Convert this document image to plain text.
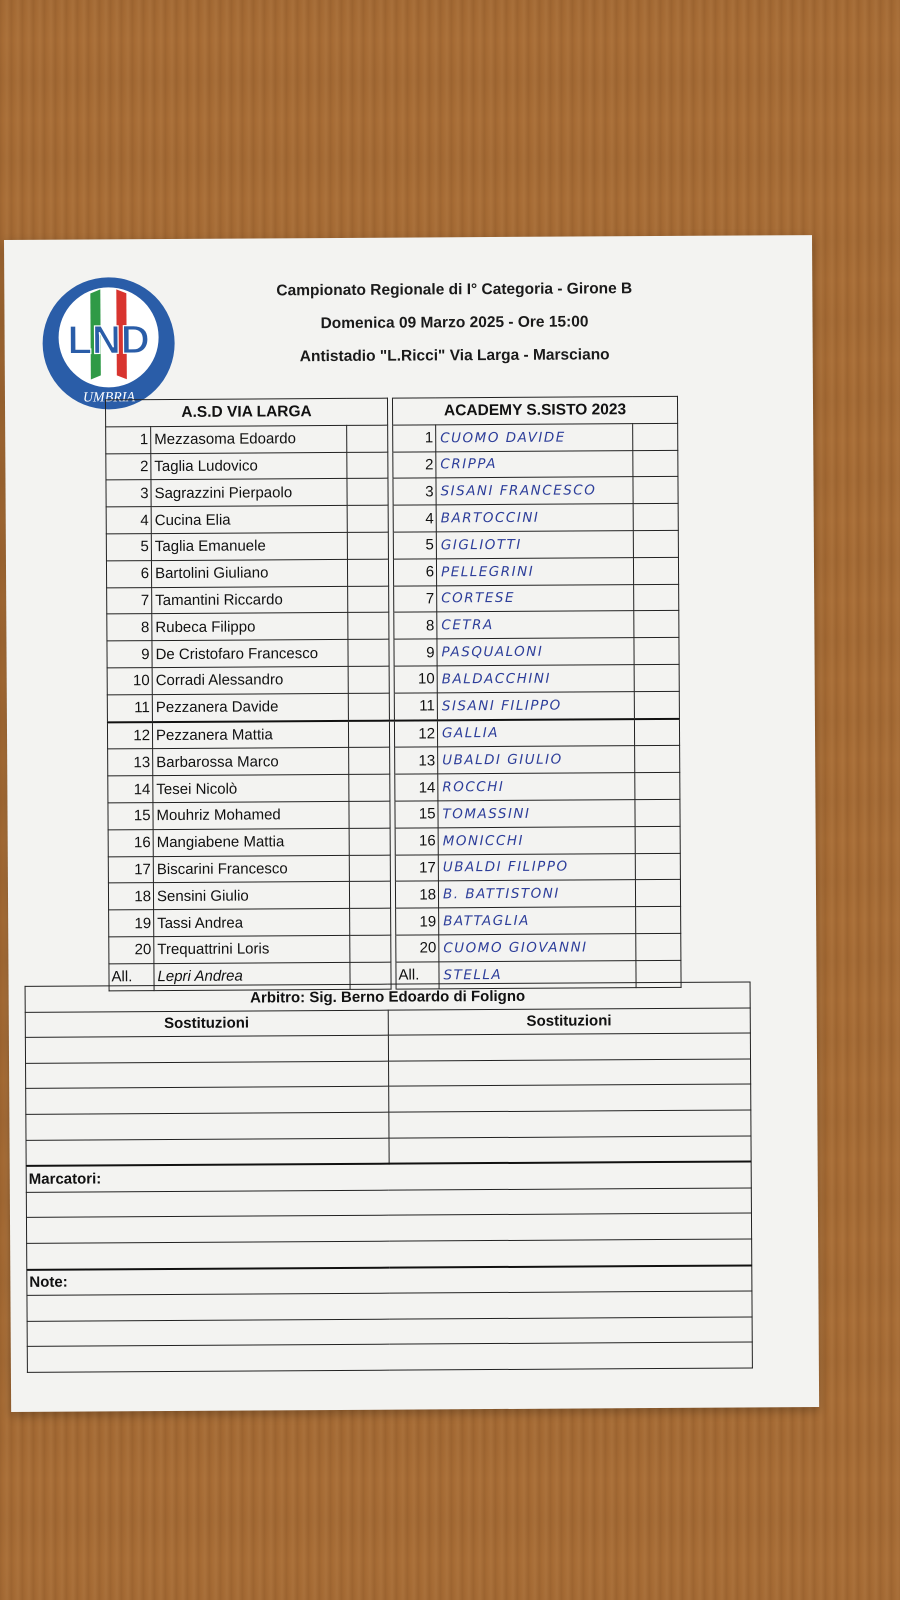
LND
UMBRIA
Campionato Regionale di I° Categoria - Girone B
Domenica 09 Marzo 2025 - Ore 15:00
Antistadio "L.Ricci" Via Larga - Marsciano
A.S.D VIA LARGA				ACADEMY S.SISTO 2023		
1	Mezzasoma Edoardo			1	CUOMO DAVIDE	
2	Taglia Ludovico			2	CRIPPA	
3	Sagrazzini Pierpaolo			3	SISANI FRANCESCO	
4	Cucina Elia			4	BARTOCCINI	
5	Taglia Emanuele			5	GIGLIOTTI	
6	Bartolini Giuliano			6	PELLEGRINI	
7	Tamantini Riccardo			7	CORTESE	
8	Rubeca Filippo			8	CETRA	
9	De Cristofaro Francesco			9	PASQUALONI	
10	Corradi Alessandro			10	BALDACCHINI	
11	Pezzanera Davide			11	SISANI FILIPPO	
12	Pezzanera Mattia			12	GALLIA	
13	Barbarossa Marco			13	UBALDI GIULIO	
14	Tesei Nicolò			14	ROCCHI	
15	Mouhriz Mohamed			15	TOMASSINI	
16	Mangiabene Mattia			16	MONICCHI	
17	Biscarini Francesco			17	UBALDI FILIPPO	
18	Sensini Giulio			18	B. BATTISTONI	
19	Tassi Andrea			19	BATTAGLIA	
20	Trequattrini Loris			20	CUOMO GIOVANNI	
All.	Lepri Andrea			All.	STELLA	
Arbitro: Sig. Berno Edoardo di Foligno	
Sostituzioni	Sostituzioni

Marcatori:	

Note:	
